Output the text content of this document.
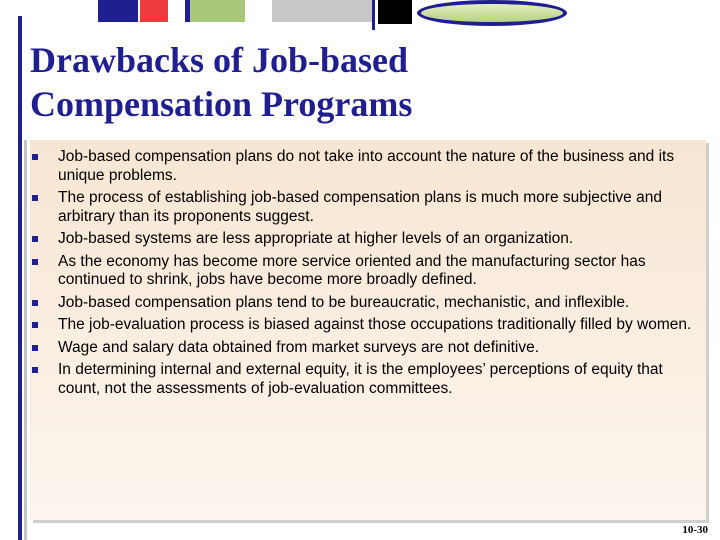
Drawbacks of Job-based
Compensation Programs
Job-based compensation plans do not take into account the nature of the business and its unique problems.
The process of establishing job-based compensation plans is much more subjective and arbitrary than its proponents suggest.
Job-based systems are less appropriate at higher levels of an organization.
As the economy has become more service oriented and the manufacturing sector has continued to shrink, jobs have become more broadly defined.
Job-based compensation plans tend to be bureaucratic, mechanistic, and inflexible.
The job-evaluation process is biased against those occupations traditionally filled by women.
Wage and salary data obtained from market surveys are not definitive.
In determining internal and external equity, it is the employees’ perceptions of equity that count, not the assessments of job-evaluation committees.
10-30
